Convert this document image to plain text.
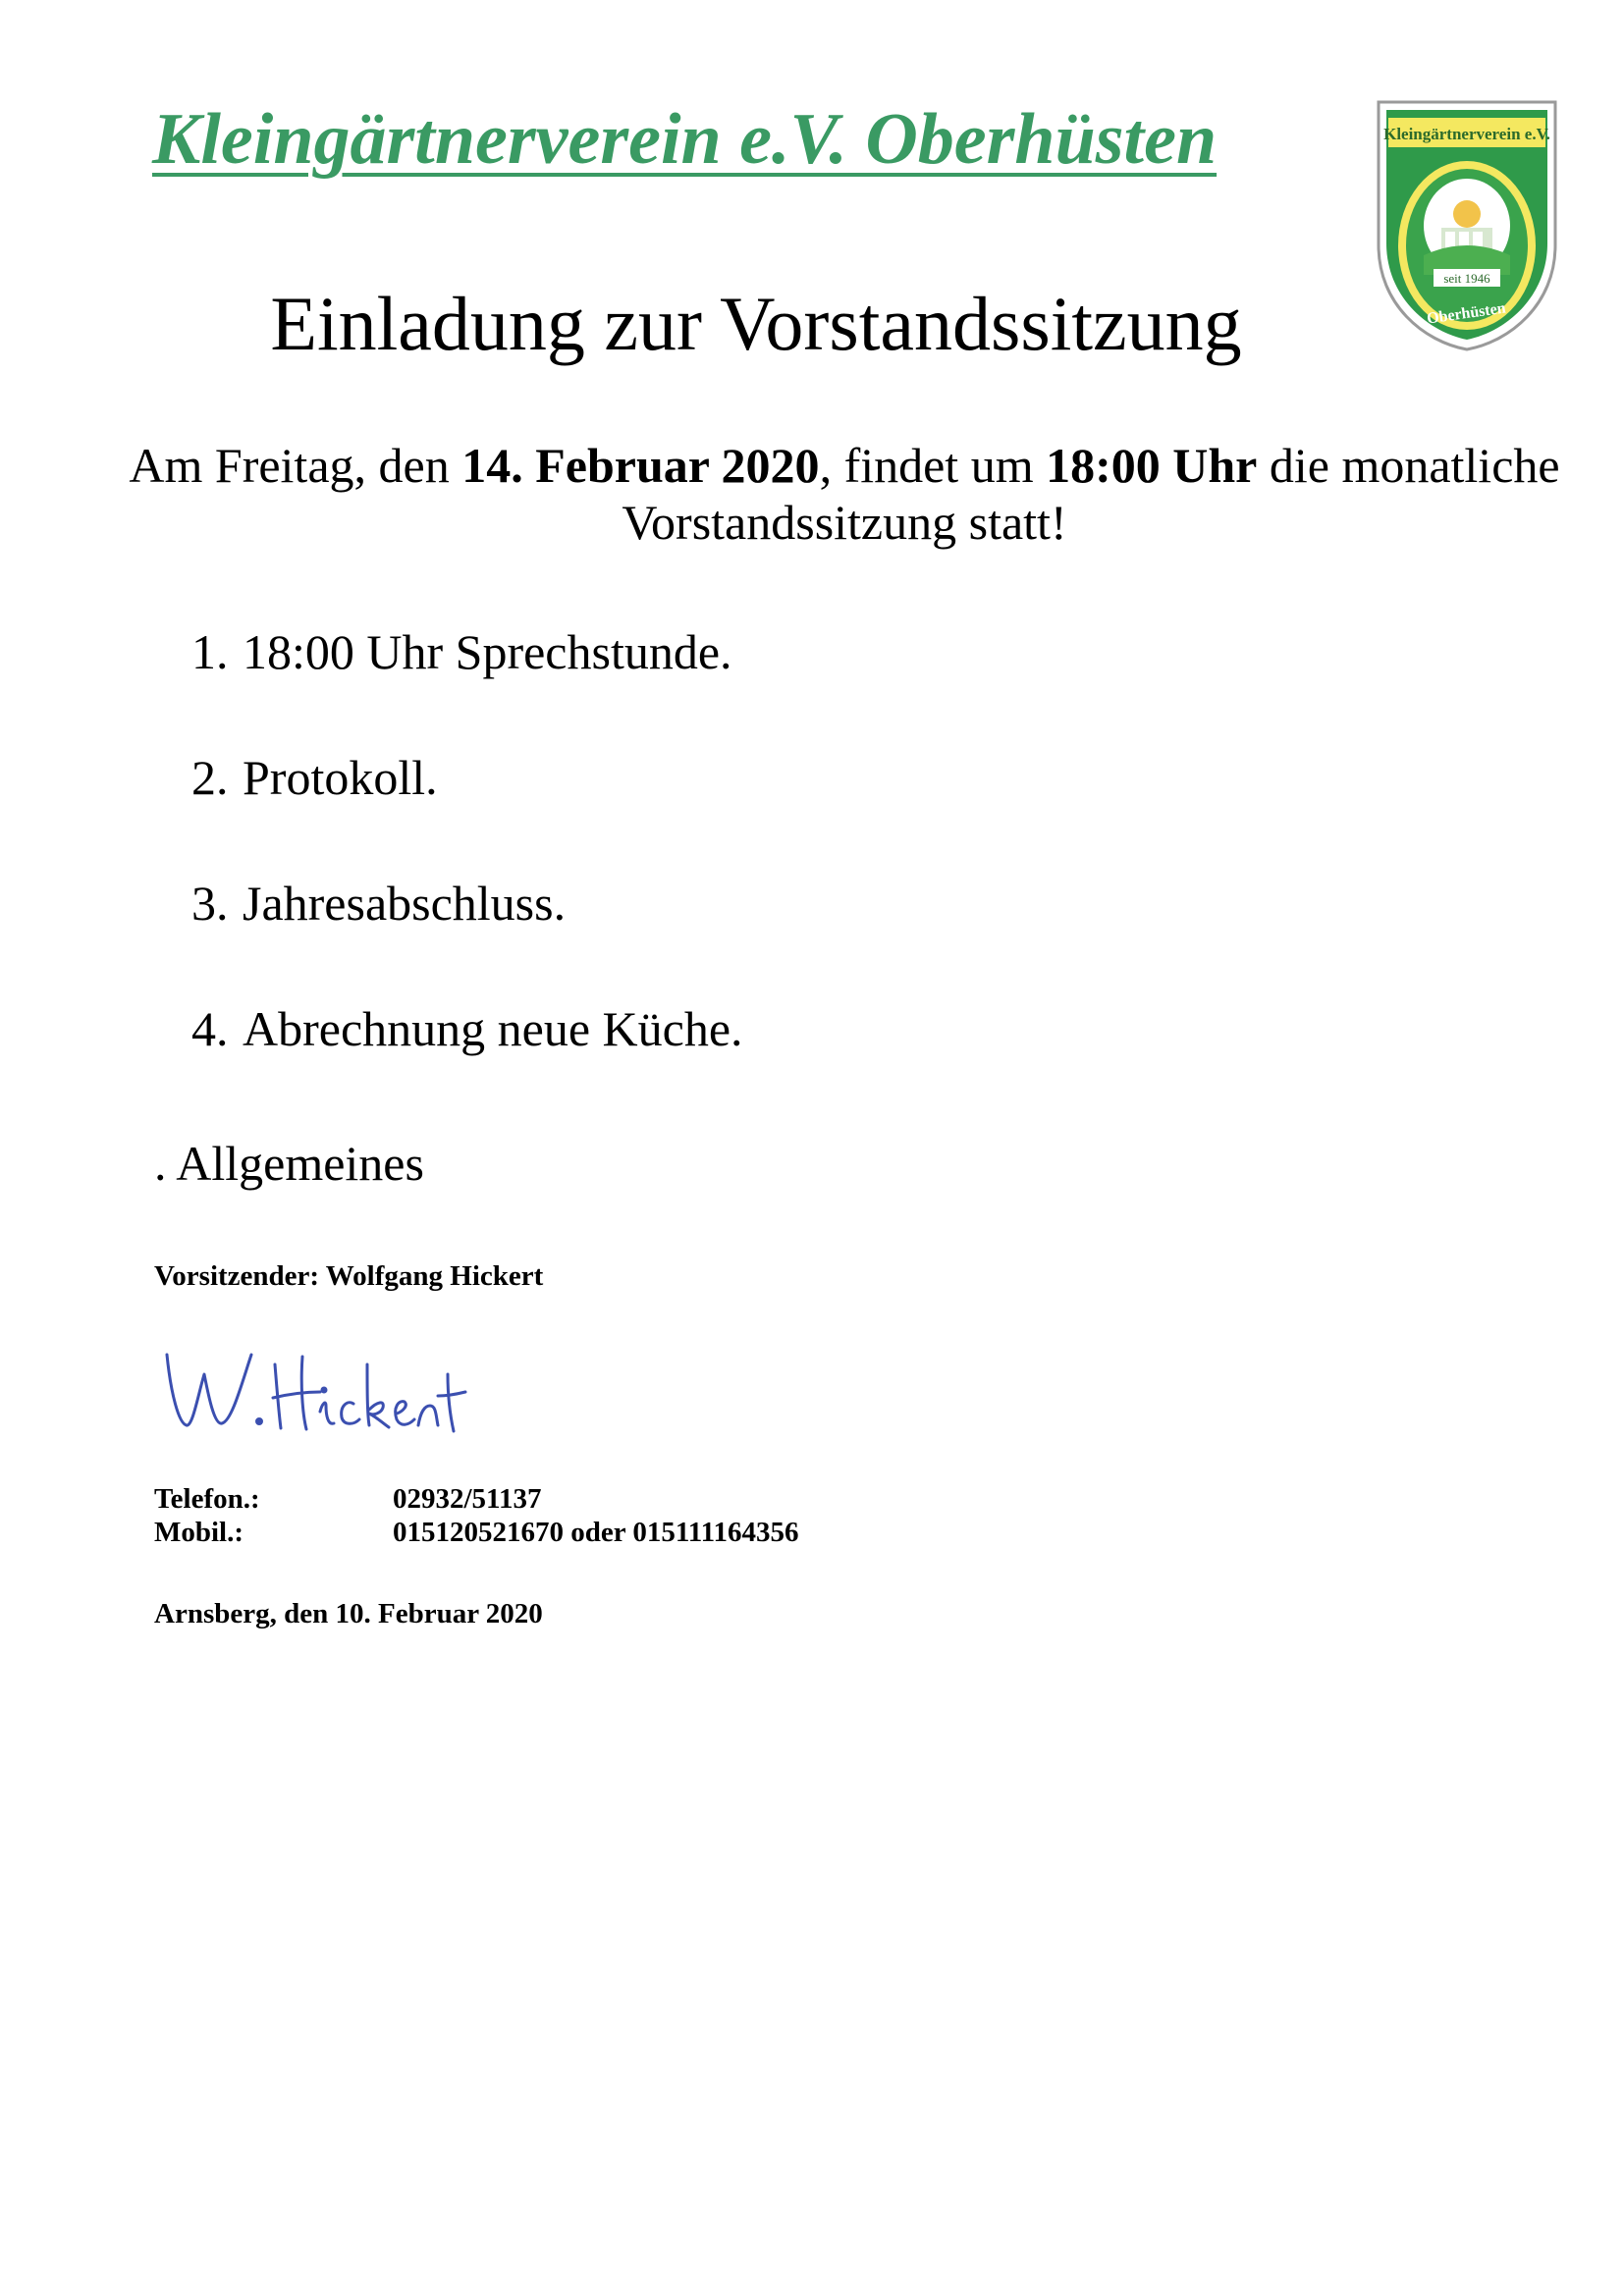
Kleingärtnerverein e.V. Oberhüsten	Kleingärtnerverein e.V.
seit 1946
Oberhüsten
Einladung zur Vorstandssitzung

Am Freitag, den 14. Februar 2020, findet um 18:00 Uhr die monatliche Vorstandssitzung statt!

1. 18:00 Uhr Sprechstunde.
2. Protokoll.
3. Jahresabschluss.
4. Abrechnung neue Küche.

. Allgemeines

Vorsitzender: Wolfgang Hickert

Telefon.:	02932/51137
Mobil.:	015120521670 oder 015111164356

Arnsberg, den 10. Februar 2020
